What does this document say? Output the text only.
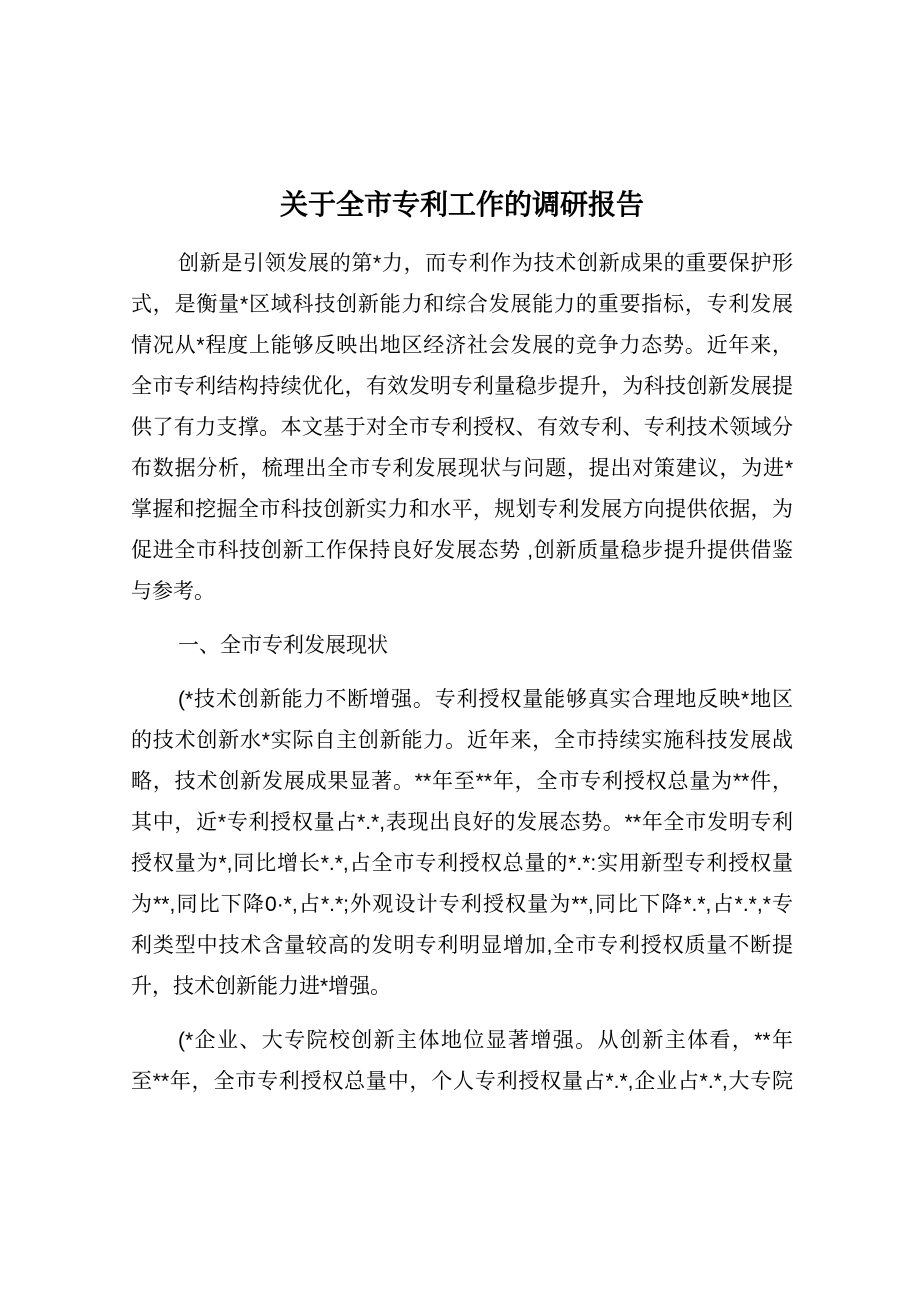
关于全市专利工作的调研报告
创新是引领发展的第*力，而专利作为技术创新成果的重要保护形
式，是衡量*区域科技创新能力和综合发展能力的重要指标，专利发展
情况从*程度上能够反映出地区经济社会发展的竞争力态势。近年来，
全市专利结构持续优化，有效发明专利量稳步提升，为科技创新发展提
供了有力支撑。本文基于对全市专利授权、有效专利、专利技术领域分
布数据分析，梳理出全市专利发展现状与问题，提出对策建议，为进*
掌握和挖掘全市科技创新实力和水平，规划专利发展方向提供依据，为
促进全市科技创新工作保持良好发展态势 ,创新质量稳步提升提供借鉴
与参考。
一、全市专利发展现状
(*技术创新能力不断增强。专利授权量能够真实合理地反映*地区
的技术创新水*实际自主创新能力。近年来，全市持续实施科技发展战
略，技术创新发展成果显著。**年至**年，全市专利授权总量为**件，
其中，近*专利授权量占*.*,表现出良好的发展态势。**年全市发明专利
授权量为*,同比增长*.*,占全市专利授权总量的*.*:实用新型专利授权量
为**,同比下降0·*,占*.*;外观设计专利授权量为**,同比下降*.*,占*.*,*专
利类型中技术含量较高的发明专利明显增加,全市专利授权质量不断提
升，技术创新能力进*增强。
(*企业、大专院校创新主体地位显著增强。从创新主体看，**年
至**年，全市专利授权总量中，个人专利授权量占*.*,企业占*.*,大专院
